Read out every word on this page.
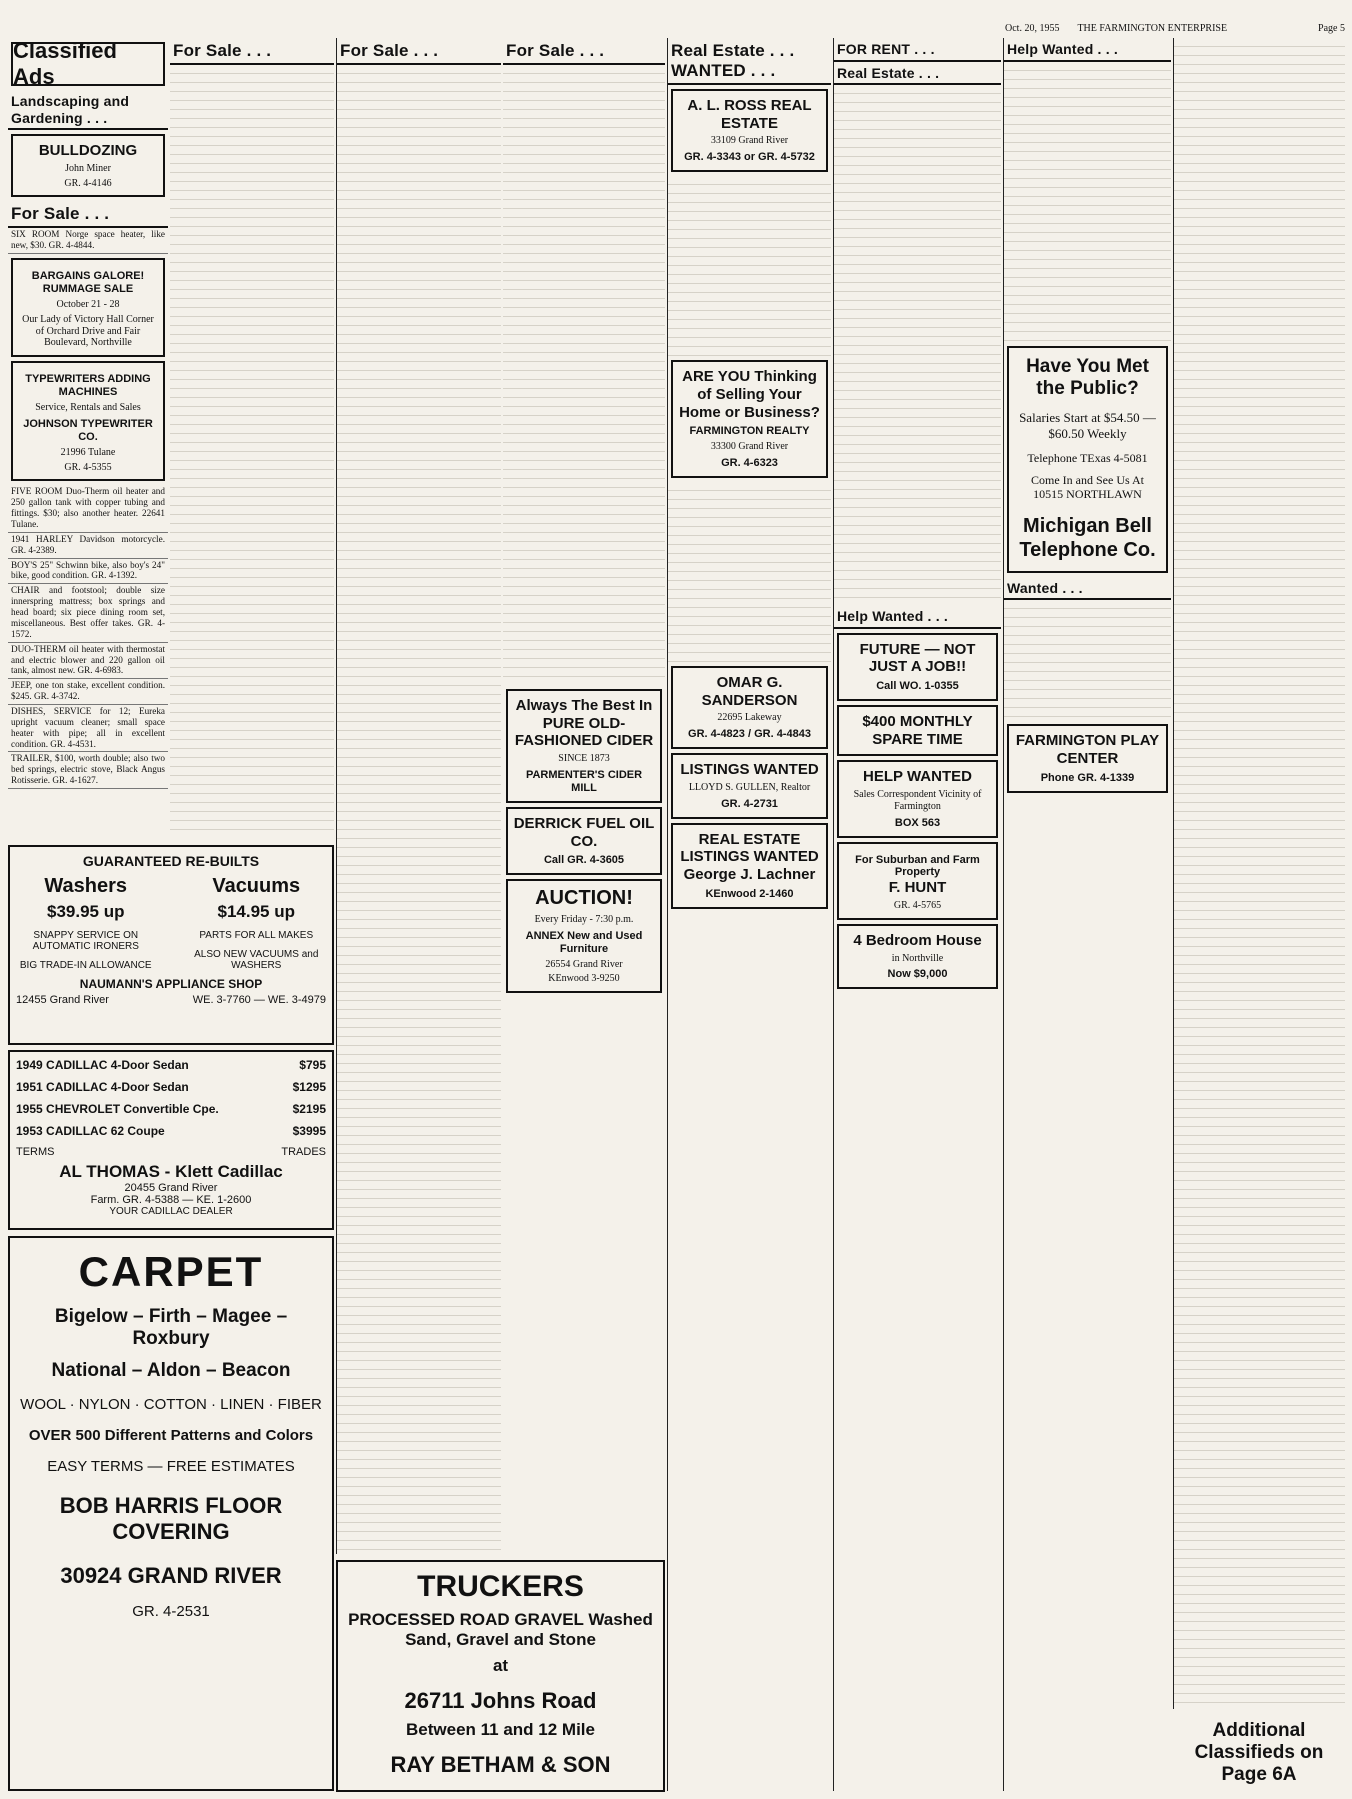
Oct. 20, 1955 THE FARMINGTON ENTERPRISE	Page 5
Classified Ads
Landscaping and Gardening . . .
BULLDOZING
John Miner
GR. 4-4146
For Sale . . .
SIX ROOM Norge space heater, like new, $30. GR. 4-4844.
BARGAINS GALORE! RUMMAGE SALE
October 21 - 28
Our Lady of Victory Hall Corner of Orchard Drive and Fair Boulevard, Northville
TYPEWRITERS ADDING MACHINES
Service, Rentals and Sales
JOHNSON TYPEWRITER CO.
21996 Tulane
GR. 4-5355
FIVE ROOM Duo-Therm oil heater and 250 gallon tank with copper tubing and fittings. $30; also another heater. 22641 Tulane.
1941 HARLEY Davidson motorcycle. GR. 4-2389.
BOY'S 25" Schwinn bike, also boy's 24" bike, good condition. GR. 4-1392.
CHAIR and footstool; double size innerspring mattress; box springs and head board; six piece dining room set, miscellaneous. Best offer takes. GR. 4-1572.
DUO-THERM oil heater with thermostat and electric blower and 220 gallon oil tank, almost new. GR. 4-6983.
JEEP, one ton stake, excellent condition. $245. GR. 4-3742.
DISHES, SERVICE for 12; Eureka upright vacuum cleaner; small space heater with pipe; all in excellent condition. GR. 4-4531.
TRAILER, $100, worth double; also two bed springs, electric stove, Black Angus Rotisserie. GR. 4-1627.
GUARANTEED RE-BUILTS
Washers
$39.95 up
SNAPPY SERVICE ON AUTOMATIC IRONERS
BIG TRADE-IN ALLOWANCE
Vacuums
$14.95 up
PARTS FOR ALL MAKES
ALSO NEW VACUUMS and WASHERS
NAUMANN'S APPLIANCE SHOP
12455 Grand River	WE. 3-7760 — WE. 3-4979
1949 CADILLAC 4-Door Sedan	$795
1951 CADILLAC 4-Door Sedan	$1295
1955 CHEVROLET Convertible Cpe.	$2195
1953 CADILLAC 62 Coupe	$3995
TERMS	TRADES
AL THOMAS - Klett Cadillac
20455 Grand River
Farm. GR. 4-5388 — KE. 1-2600
YOUR CADILLAC DEALER
CARPET
Bigelow – Firth – Magee – Roxbury
National – Aldon – Beacon
WOOL · NYLON · COTTON · LINEN · FIBER
OVER 500 Different Patterns and Colors
EASY TERMS — FREE ESTIMATES
BOB HARRIS FLOOR COVERING
30924 GRAND RIVER
GR. 4-2531
For Sale . . .	For Sale . . .
TRUCKERS
PROCESSED ROAD GRAVEL Washed Sand, Gravel and Stone
at
26711 Johns Road
Between 11 and 12 Mile
RAY BETHAM & SON
For Sale . . .
Always The Best In PURE OLD-FASHIONED CIDER
SINCE 1873
PARMENTER'S CIDER MILL
DERRICK FUEL OIL CO.
Call GR. 4-3605
AUCTION!
Every Friday - 7:30 p.m.
ANNEX New and Used Furniture
26554 Grand River
KEnwood 3-9250
Real Estate . . . WANTED . . .
A. L. ROSS REAL ESTATE
33109 Grand River
GR. 4-3343 or GR. 4-5732
ARE YOU Thinking of Selling Your Home or Business?
FARMINGTON REALTY
33300 Grand River
GR. 4-6323
OMAR G. SANDERSON
22695 Lakeway
GR. 4-4823 / GR. 4-4843
LISTINGS WANTED
LLOYD S. GULLEN, Realtor
GR. 4-2731
REAL ESTATE LISTINGS WANTED
George J. Lachner
KEnwood 2-1460
FOR RENT . . .
Real Estate . . .
Help Wanted . . .
FUTURE — NOT JUST A JOB!!
Call WO. 1-0355
$400 MONTHLY SPARE TIME
HELP WANTED
Sales Correspondent Vicinity of Farmington
BOX 563
For Suburban and Farm Property
F. HUNT
GR. 4-5765
4 Bedroom House
in Northville
Now $9,000
Help Wanted . . .
Have You Met the Public?
Salaries Start at $54.50 — $60.50 Weekly
Telephone TExas 4-5081
Come In and See Us At 10515 NORTHLAWN
Michigan Bell Telephone Co.
Wanted . . .
FARMINGTON PLAY CENTER
Phone GR. 4-1339
Additional Classifieds on Page 6A
